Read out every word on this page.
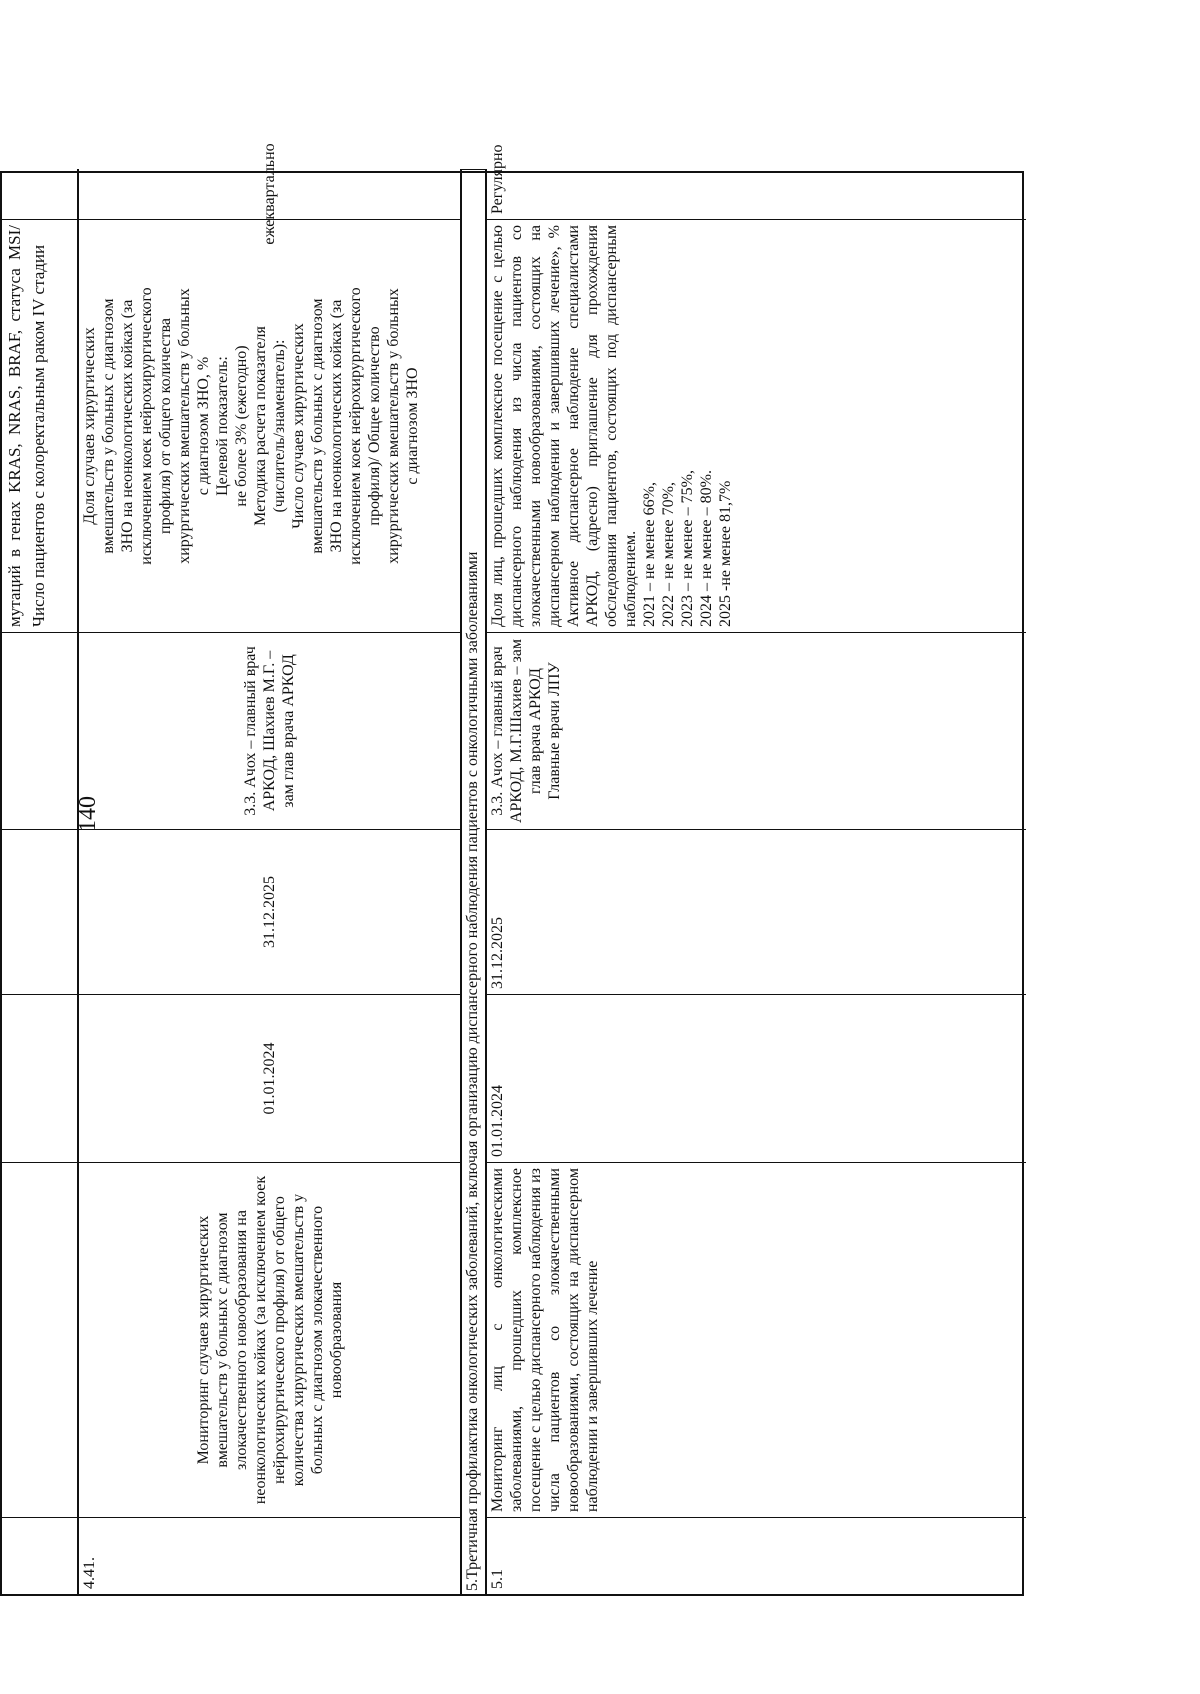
140
мутаций в генах KRAS, NRAS, BRAF, статуса MSI/ Число пациентов с колоректальным раком IV стадии
4.41.
Мониторинг случаев хирургических вмешательств у больных с диагнозом злокачественного новообразования на неонкологических койках (за исключением коек нейрохирургического профиля) от общего количества хирургических вмешательств у больных с диагнозом злокачественного новообразования
01.01.2024
31.12.2025
3.3. Ачох – главный врач АРКОД, Шахиев М.Г. – зам глав врача АРКОД
Доля случаев хирургических вмешательств у больных с диагнозом ЗНО на неонкологических койках (за исключением коек нейрохирургического профиля) от общего количества хирургических вмешательств у больных с диагнозом ЗНО, % Целевой показатель: не более 3% (ежегодно) Методика расчета показателя (числитель/знаменатель): Число случаев хирургических вмешательств у больных с диагнозом ЗНО на неонкологических койках (за исключением коек нейрохирургического профиля)/ Общее количество хирургических вмешательств у больных с диагнозом ЗНО
ежеквартально
5.Третичная профилактика онкологических заболеваний, включая организацию диспансерного наблюдения пациентов с онкологичными заболеваниями 5.1
Мониторинг лиц с онкологическими заболеваниями, прошедших комплексное посещение с целью диспансерного наблюдения из числа пациентов со злокачественными новообразованиями, состоящих на диспансерном наблюдении и завершивших лечение
01.01.2024
31.12.2025
3.3. Ачох – главный врач АРКОД, М.Г.Шахиев – зам глав врача АРКОД Главные врачи ЛПУ
Доля лиц, прошедших комплексное посещение с целью диспансерного наблюдения из числа пациентов со злокачественными новообразованиями, состоящих на диспансерном наблюдении и завершивших лечение», % Активное диспансерное наблюдение специалистами АРКОД, (адресно) приглашение для прохождения обследования пациентов, состоящих под диспансерным наблюдением. 2021 – не менее 66%, 2022 – не менее 70%, 2023 – не менее – 75%, 2024 – не менее – 80%. 2025 -не менее 81,7%
Регулярно
